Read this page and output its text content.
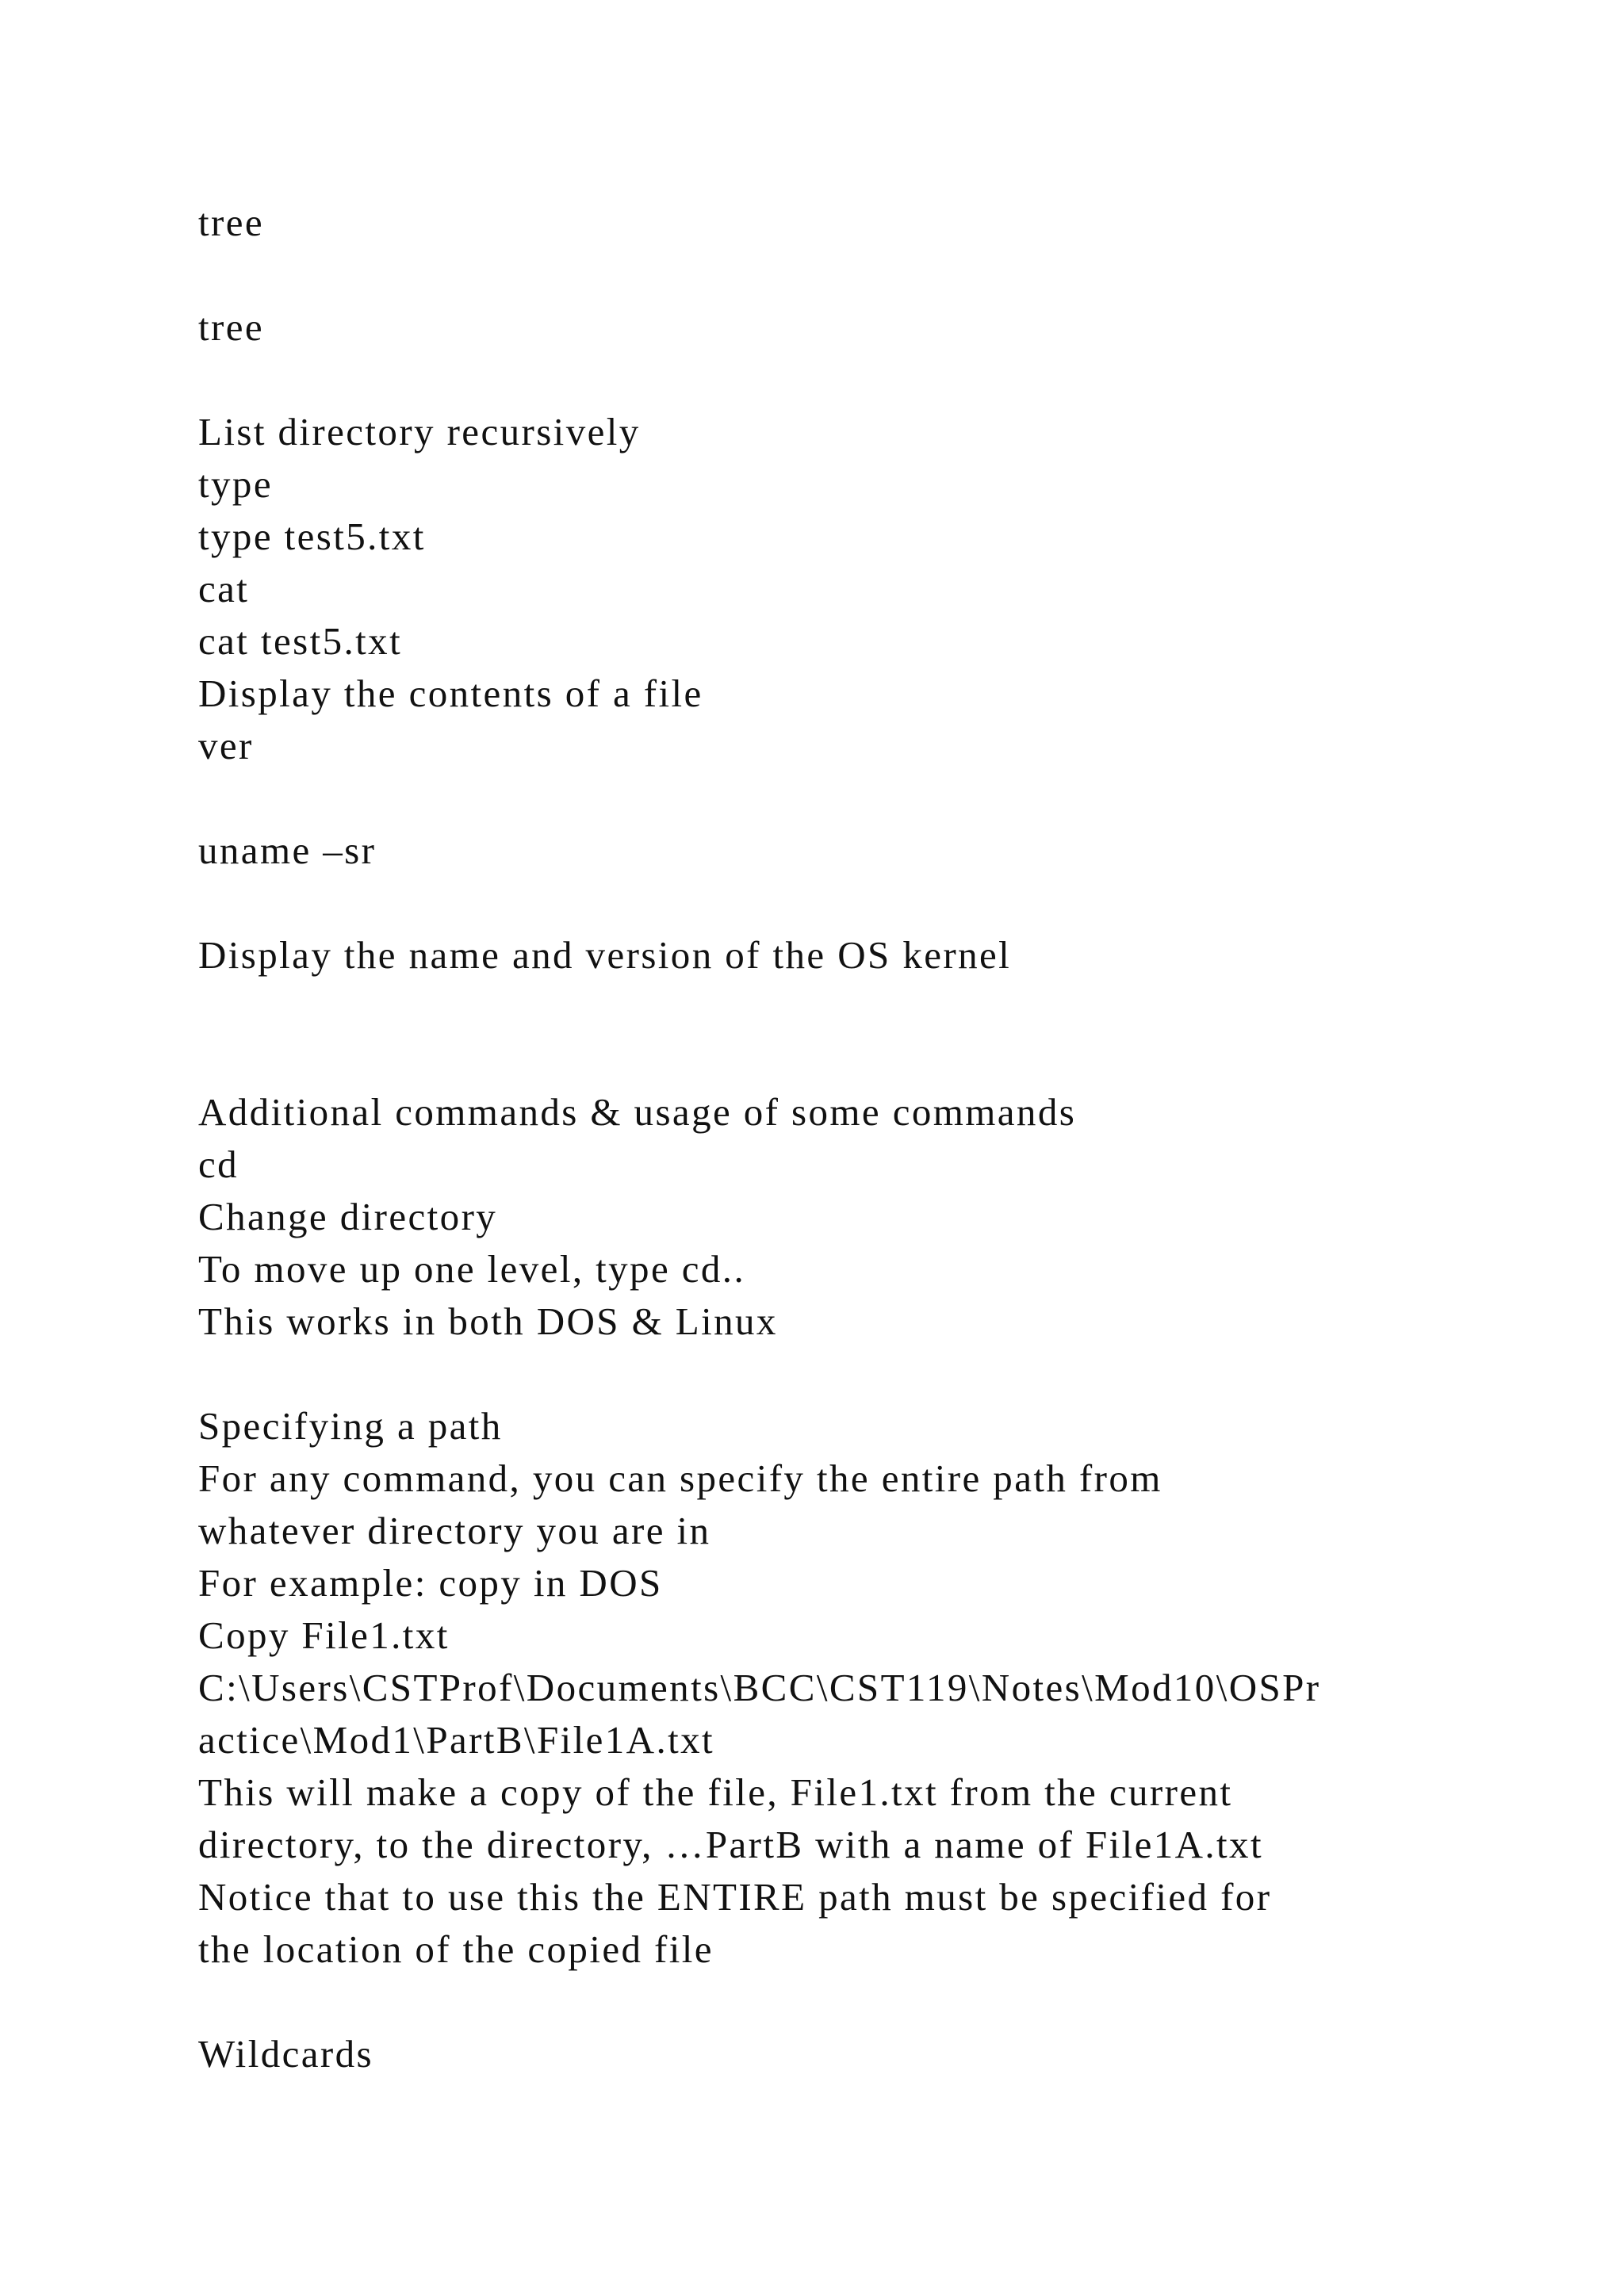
tree

tree

List directory recursively

type

type test5.txt

cat

cat test5.txt

Display the contents of a file

ver

uname –sr

Display the name and version of the OS kernel

Additional commands & usage of some commands

cd

Change directory

To move up one level, type cd..

This works in both DOS & Linux

Specifying a path

For any command, you can specify the entire path from

whatever directory you are in

For example: copy in DOS

Copy File1.txt

C:\Users\CSTProf\Documents\BCC\CST119\Notes\Mod10\OSPr

actice\Mod1\PartB\File1A.txt

This will make a copy of the file, File1.txt from the current

directory, to the directory, …PartB with a name of File1A.txt

Notice that to use this the ENTIRE path must be specified for

the location of the copied file

Wildcards
